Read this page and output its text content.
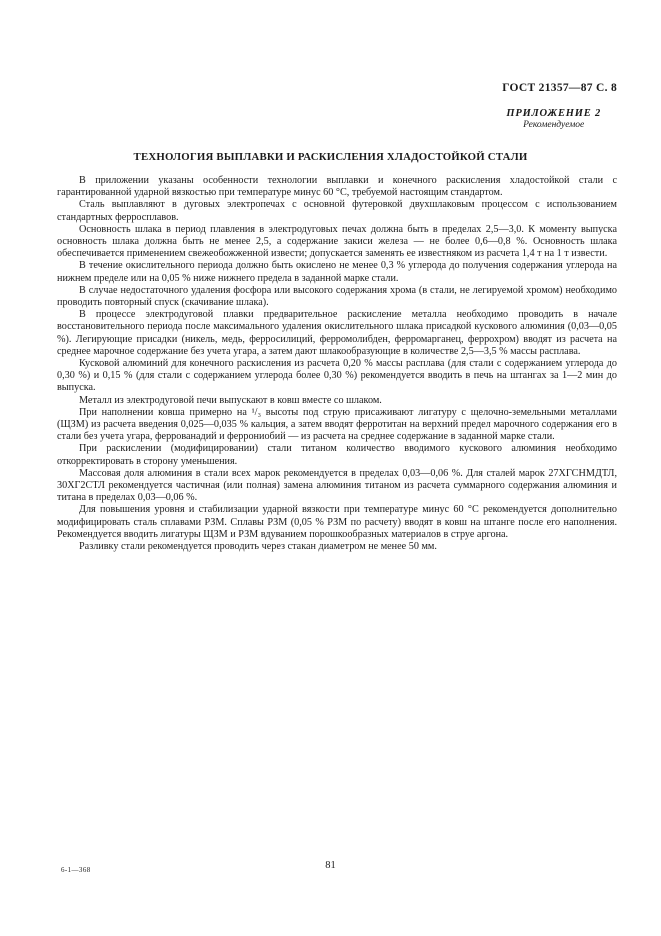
ГОСТ 21357—87 С. 8
ПРИЛОЖЕНИЕ 2
Рекомендуемое
ТЕХНОЛОГИЯ ВЫПЛАВКИ И РАСКИСЛЕНИЯ ХЛАДОСТОЙКОЙ СТАЛИ

В приложении указаны особенности технологии выплавки и конечного раскисления хладостойкой стали с гарантированной ударной вязкостью при температуре минус 60 °С, требуемой настоящим стандартом.

Сталь выплавляют в дуговых электропечах с основной футеровкой двухшлаковым процессом с использованием стандартных ферросплавов.

Основность шлака в период плавления в электродуговых печах должна быть в пределах 2,5—3,0. К моменту выпуска основность шлака должна быть не менее 2,5, а содержание закиси железа — не более 0,6—0,8 %. Основность шлака обеспечивается применением свежеобожженной извести; допускается заменять ее известняком из расчета 1,4 т на 1 т извести.

В течение окислительного периода должно быть окислено не менее 0,3 % углерода до получения содержания углерода на нижнем пределе или на 0,05 % ниже нижнего предела в заданной марке стали.

В случае недостаточного удаления фосфора или высокого содержания хрома (в стали, не легируемой хромом) необходимо проводить повторный спуск (скачивание шлака).

В процессе электродуговой плавки предварительное раскисление металла необходимо проводить в начале восстановительного периода после максимального удаления окислительного шлака присадкой кускового алюминия (0,03—0,05 %). Легирующие присадки (никель, медь, ферросилиций, ферромолибден, ферромарганец, феррохром) вводят из расчета на среднее марочное содержание без учета угара, а затем дают шлакообразующие в количестве 2,5—3,5 % массы расплава.

Кусковой алюминий для конечного раскисления из расчета 0,20 % массы расплава (для стали с содержанием углерода до 0,30 %) и 0,15 % (для стали с содержанием углерода более 0,30 %) рекомендуется вводить в печь на штангах за 1—2 мин до выпуска.

Металл из электродуговой печи выпускают в ковш вместе со шлаком.

При наполнении ковша примерно на ¹/₃ высоты под струю присаживают лигатуру с щелочно-земельными металлами (ЩЗМ) из расчета введения 0,025—0,035 % кальция, а затем вводят ферротитан на верхний предел марочного содержания его в стали без учета угара, феррованадий и феррониобий — из расчета на среднее содержание в заданной марке стали.

При раскислении (модифицировании) стали титаном количество вводимого кускового алюминия необходимо откорректировать в сторону уменьшения.

Массовая доля алюминия в стали всех марок рекомендуется в пределах 0,03—0,06 %. Для сталей марок 27ХГСНМДТЛ, 30ХГ2СТЛ рекомендуется частичная (или полная) замена алюминия титаном из расчета суммарного содержания алюминия и титана в пределах 0,03—0,06 %.

Для повышения уровня и стабилизации ударной вязкости при температуре минус 60 °С рекомендуется дополнительно модифицировать сталь сплавами РЗМ. Сплавы РЗМ (0,05 % РЗМ по расчету) вводят в ковш на штанге после его наполнения. Рекомендуется вводить лигатуры ЩЗМ и РЗМ вдуванием порошкообразных материалов в струе аргона.

Разливку стали рекомендуется проводить через стакан диаметром не менее 50 мм.

6-1—368	81
